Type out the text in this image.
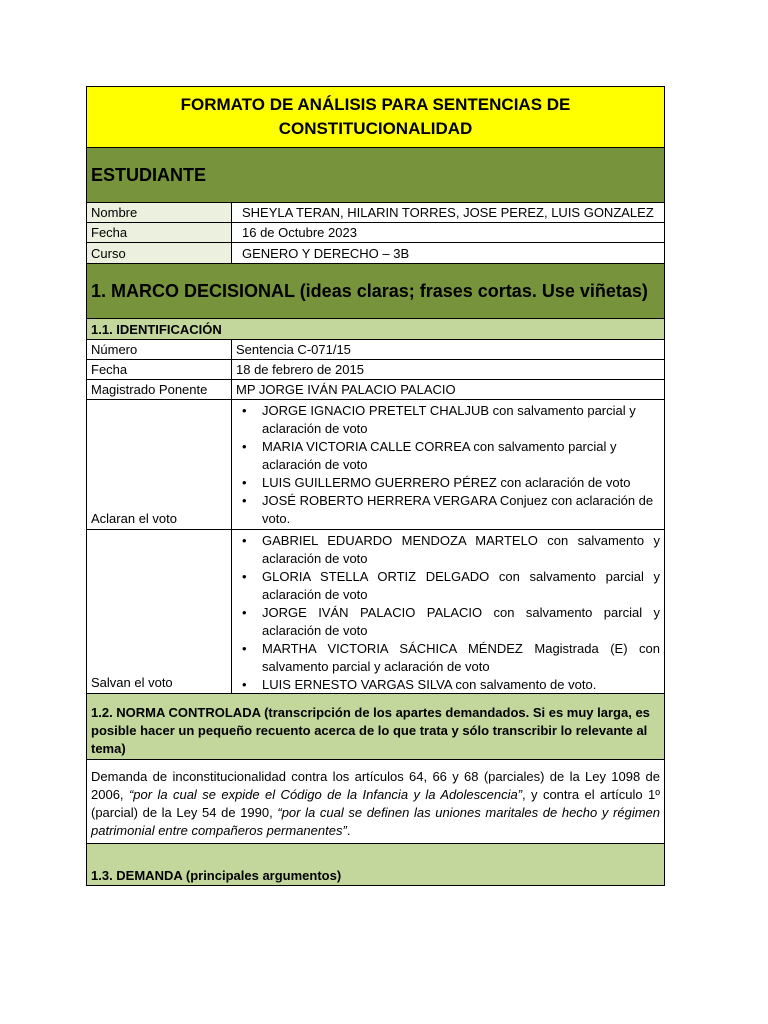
FORMATO DE ANÁLISIS PARA SENTENCIAS DE
CONSTITUCIONALIDAD
ESTUDIANTE
Nombre	SHEYLA TERAN, HILARIN TORRES, JOSE PEREZ, LUIS GONZALEZ
Fecha	16 de Octubre 2023
Curso	GENERO Y DERECHO – 3B
1. MARCO DECISIONAL (ideas claras; frases cortas. Use viñetas)
1.1. IDENTIFICACIÓN
Número	Sentencia C-071/15
Fecha	18 de febrero de 2015
Magistrado Ponente	MP JORGE IVÁN PALACIO PALACIO
Aclaran el voto
• JORGE IGNACIO PRETELT CHALJUB con salvamento parcial y aclaración de voto
• MARIA VICTORIA CALLE CORREA con salvamento parcial y aclaración de voto
• LUIS GUILLERMO GUERRERO PÉREZ con aclaración de voto
• JOSÉ ROBERTO HERRERA VERGARA Conjuez con aclaración de voto.
Salvan el voto
• GABRIEL EDUARDO MENDOZA MARTELO con salvamento y aclaración de voto
• GLORIA STELLA ORTIZ DELGADO con salvamento parcial y aclaración de voto
• JORGE IVÁN PALACIO PALACIO con salvamento parcial y aclaración de voto
• MARTHA VICTORIA SÁCHICA MÉNDEZ Magistrada (E) con salvamento parcial y aclaración de voto
• LUIS ERNESTO VARGAS SILVA con salvamento de voto.
1.2. NORMA CONTROLADA (transcripción de los apartes demandados. Si es muy larga, es posible hacer un pequeño recuento acerca de lo que trata y sólo transcribir lo relevante al tema)
Demanda de inconstitucionalidad contra los artículos 64, 66 y 68 (parciales) de la Ley 1098 de 2006, “por la cual se expide el Código de la Infancia y la Adolescencia”, y contra el artículo 1º (parcial) de la Ley 54 de 1990, “por la cual se definen las uniones maritales de hecho y régimen patrimonial entre compañeros permanentes”.
1.3. DEMANDA (principales argumentos)
